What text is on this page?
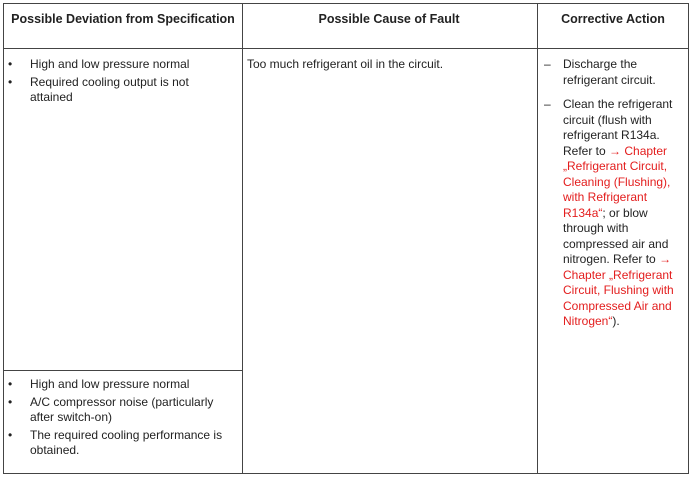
Possible Deviation from Specification	Possible Cause of Fault	Corrective Action
• High and low pressure normal
• Required cooling output is not attained
• High and low pressure normal
• A/C compressor noise (particularly after switch-on)
• The required cooling performance is obtained.
Too much refrigerant oil in the circuit.
–	Discharge the refrigerant circuit.
– Clean the refrigerant circuit (flush with refrigerant R134a. Refer to → Chapter „Refrigerant Circuit, Cleaning (Flushing), with Refrigerant R134a“; or blow through with compressed air and nitrogen. Refer to → Chapter „Refrigerant Circuit, Flushing with Compressed Air and Nitrogen“).
